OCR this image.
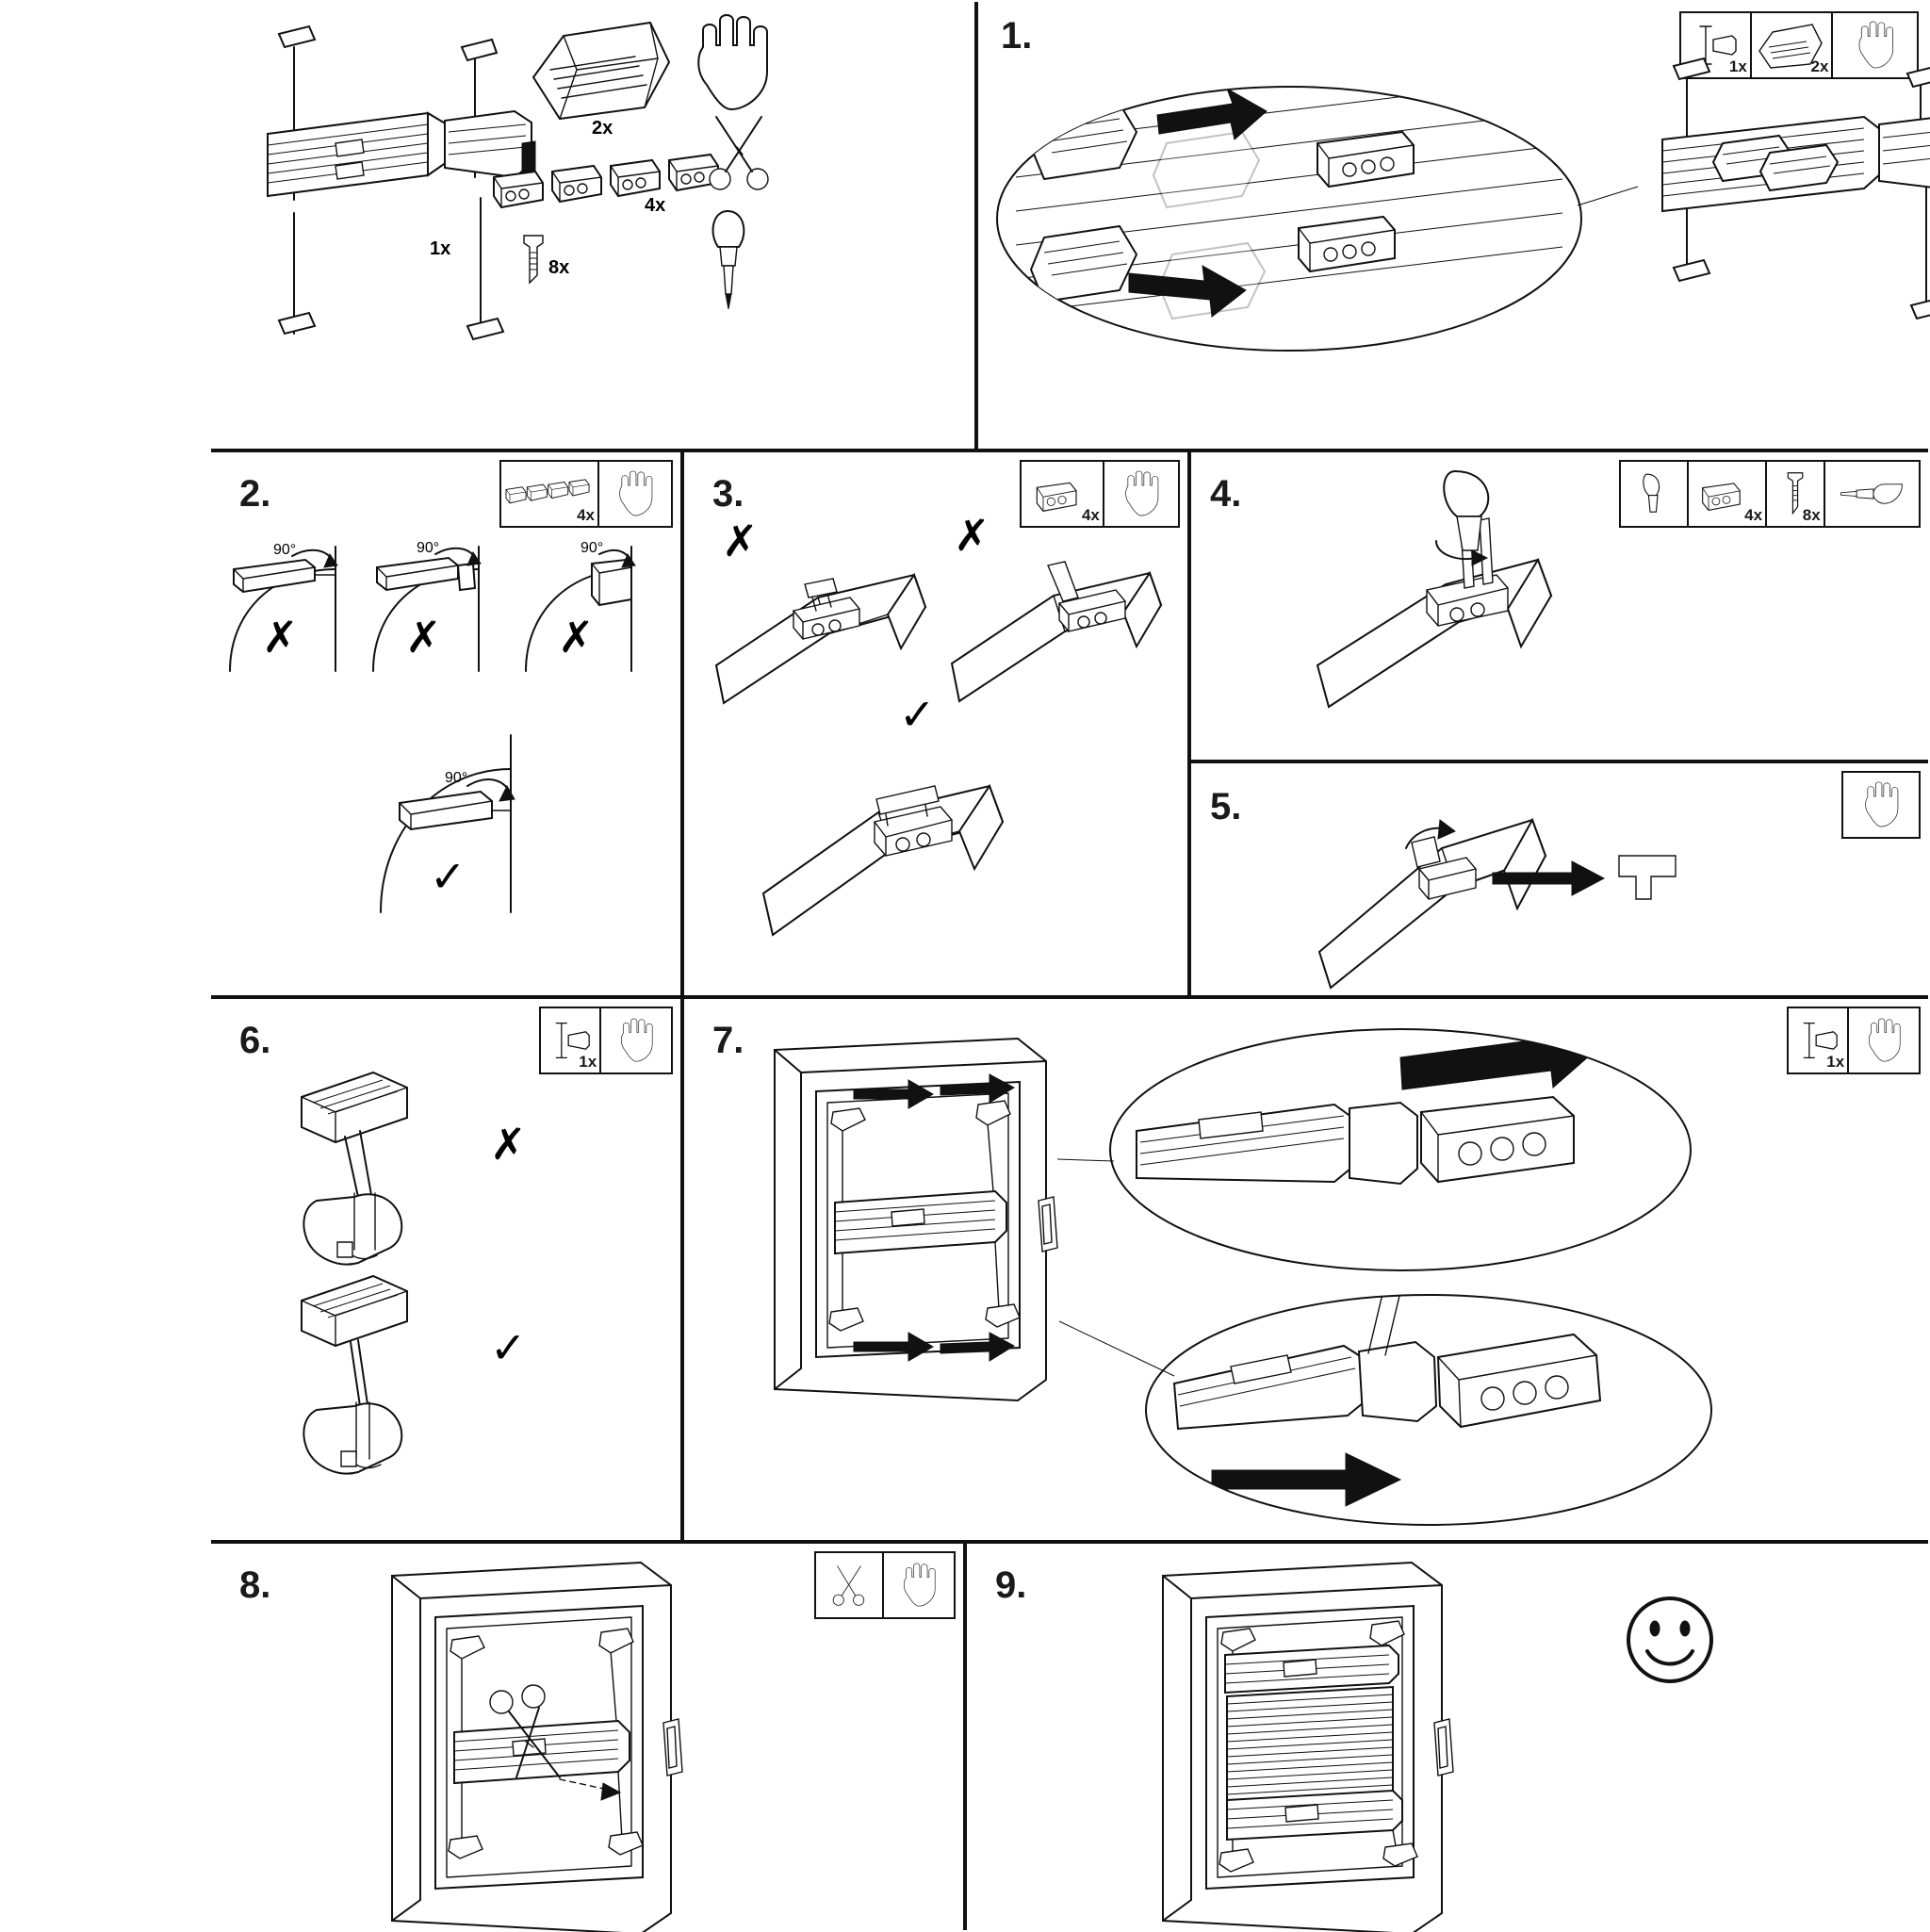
1x
2x
4x
8x
1.
1x	2x
2.
4x
90°
✗
90°
✗
90°
✗
90°
✓
3.
4x
✗	✗
✓
4.
4x	8x
5.
6.
1x
✗
✓
7.
1x
8.	9.
